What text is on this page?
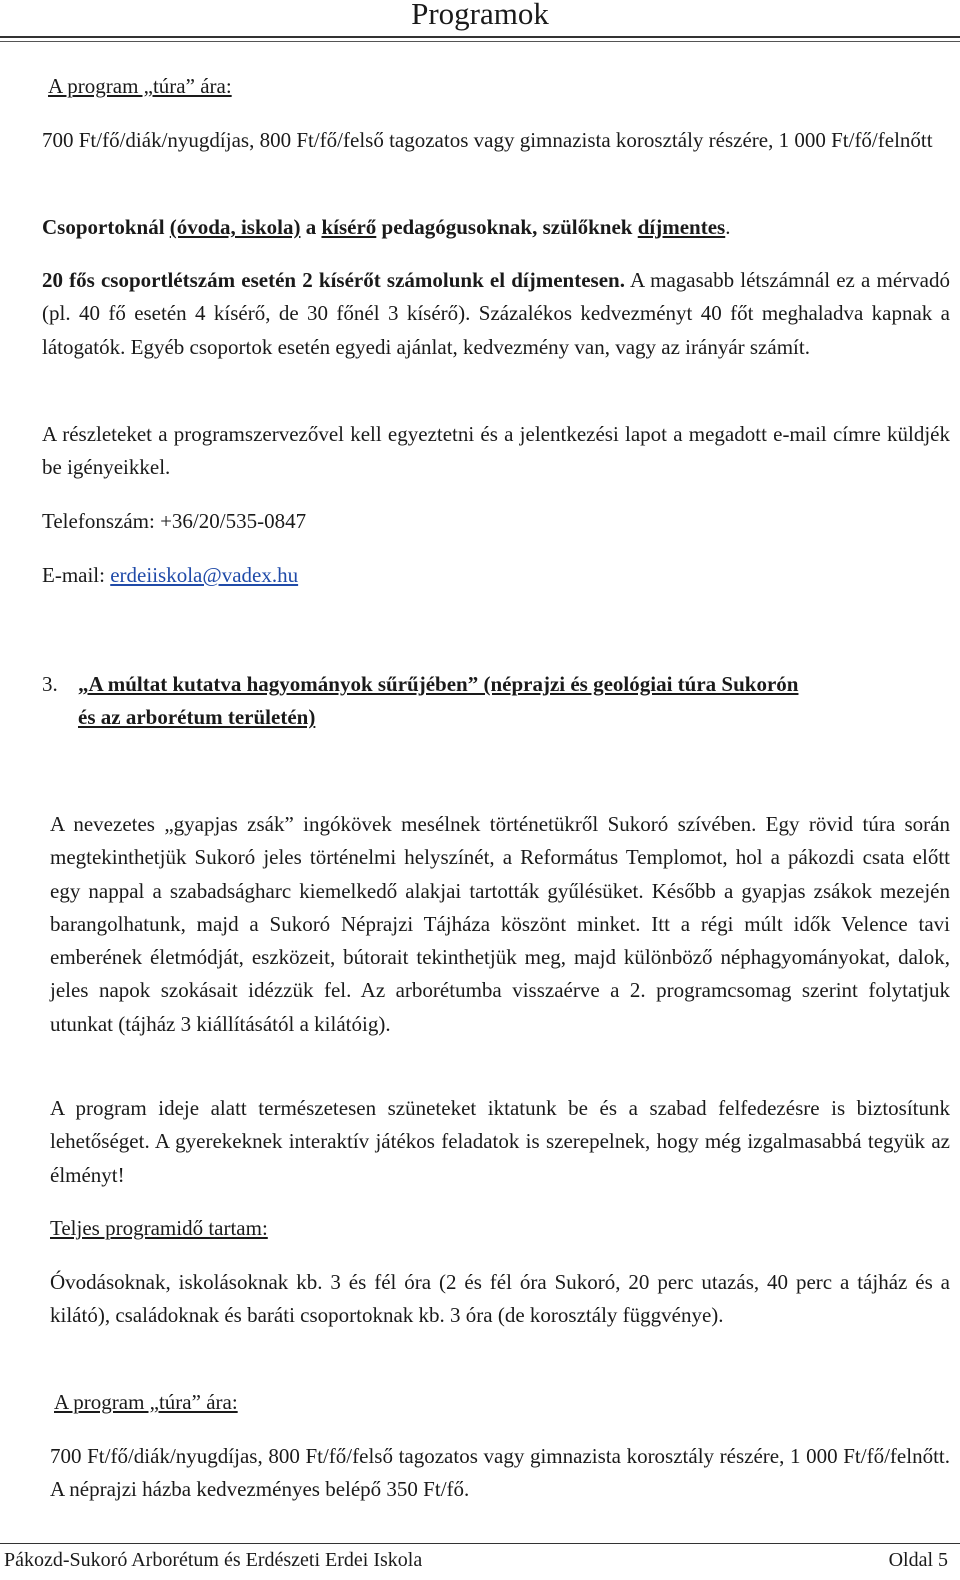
Programok

A program „túra” ára:

700 Ft/fő/diák/nyugdíjas, 800 Ft/fő/felső tagozatos vagy gimnazista korosztály részére, 1 000 Ft/fő/felnőtt

Csoportoknál (óvoda, iskola) a kísérő pedagógusoknak, szülőknek díjmentes.

20 fős csoportlétszám esetén 2 kísérőt számolunk el díjmentesen. A magasabb létszámnál ez a mérvadó (pl. 40 fő esetén 4 kísérő, de 30 főnél 3 kísérő). Százalékos kedvezményt 40 főt meghaladva kapnak a látogatók. Egyéb csoportok esetén egyedi ajánlat, kedvezmény van, vagy az irányár számít.

A részleteket a programszervezővel kell egyeztetni és a jelentkezési lapot a megadott e-mail címre küldjék be igényeikkel.

Telefonszám: +36/20/535-0847

E-mail: erdeiiskola@vadex.hu

3. „A múltat kutatva hagyományok sűrűjében” (néprajzi és geológiai túra Sukorón
és az arborétum területén)

A nevezetes „gyapjas zsák” ingókövek mesélnek történetükről Sukoró szívében. Egy rövid túra során megtekinthetjük Sukoró jeles történelmi helyszínét, a Református Templomot, hol a pákozdi csata előtt egy nappal a szabadságharc kiemelkedő alakjai tartották gyűlésüket. Később a gyapjas zsákok mezején barangolhatunk, majd a Sukoró Néprajzi Tájháza köszönt minket. Itt a régi múlt idők Velence tavi emberének életmódját, eszközeit, bútorait tekinthetjük meg, majd különböző néphagyományokat, dalok, jeles napok szokásait idézzük fel. Az arborétumba visszaérve a 2. programcsomag szerint folytatjuk utunkat (tájház 3 kiállításától a kilátóig).

A program ideje alatt természetesen szüneteket iktatunk be és a szabad felfedezésre is biztosítunk lehetőséget. A gyerekeknek interaktív játékos feladatok is szerepelnek, hogy még izgalmasabbá tegyük az élményt!

Teljes programidő tartam:

Óvodásoknak, iskolásoknak kb. 3 és fél óra (2 és fél óra Sukoró, 20 perc utazás, 40 perc a tájház és a kilátó), családoknak és baráti csoportoknak kb. 3 óra (de korosztály függvénye).

A program „túra” ára:

700 Ft/fő/diák/nyugdíjas, 800 Ft/fő/felső tagozatos vagy gimnazista korosztály részére, 1 000 Ft/fő/felnőtt. A néprajzi házba kedvezményes belépő 350 Ft/fő.

Pákozd-Sukoró Arborétum és Erdészeti Erdei Iskola	Oldal 5
